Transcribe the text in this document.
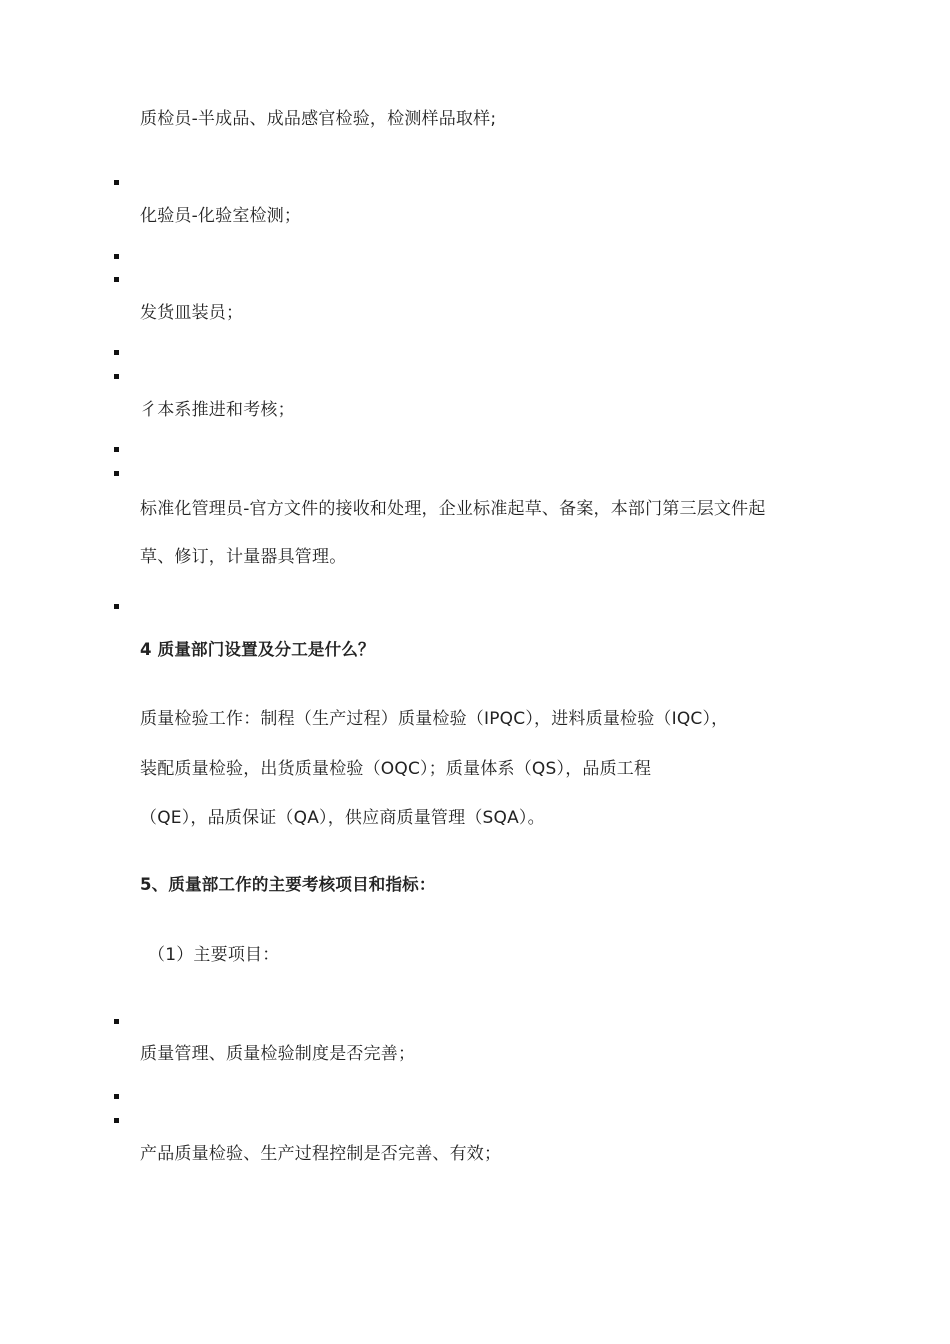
质检员-半成品、成品感官检验，检测样品取样;
化验员-化验室检测；
发货皿装员；
彳本系推进和考核；
标准化管理员-官方文件的接收和处理，企业标准起草、备案，本部门第三层文件起
草、修订，计量器具管理。
4 质量部门设置及分工是什么？
质量检验工作：制程（生产过程）质量检验（IPQC），进料质量检验（IQC），
装配质量检验，出货质量检验（OQC）；质量体系（QS），品质工程
（QE），品质保证（QA），供应商质量管理（SQA）。
5、质量部工作的主要考核项目和指标：
（1）主要项目：
质量管理、质量检验制度是否完善；
产品质量检验、生产过程控制是否完善、有效；
